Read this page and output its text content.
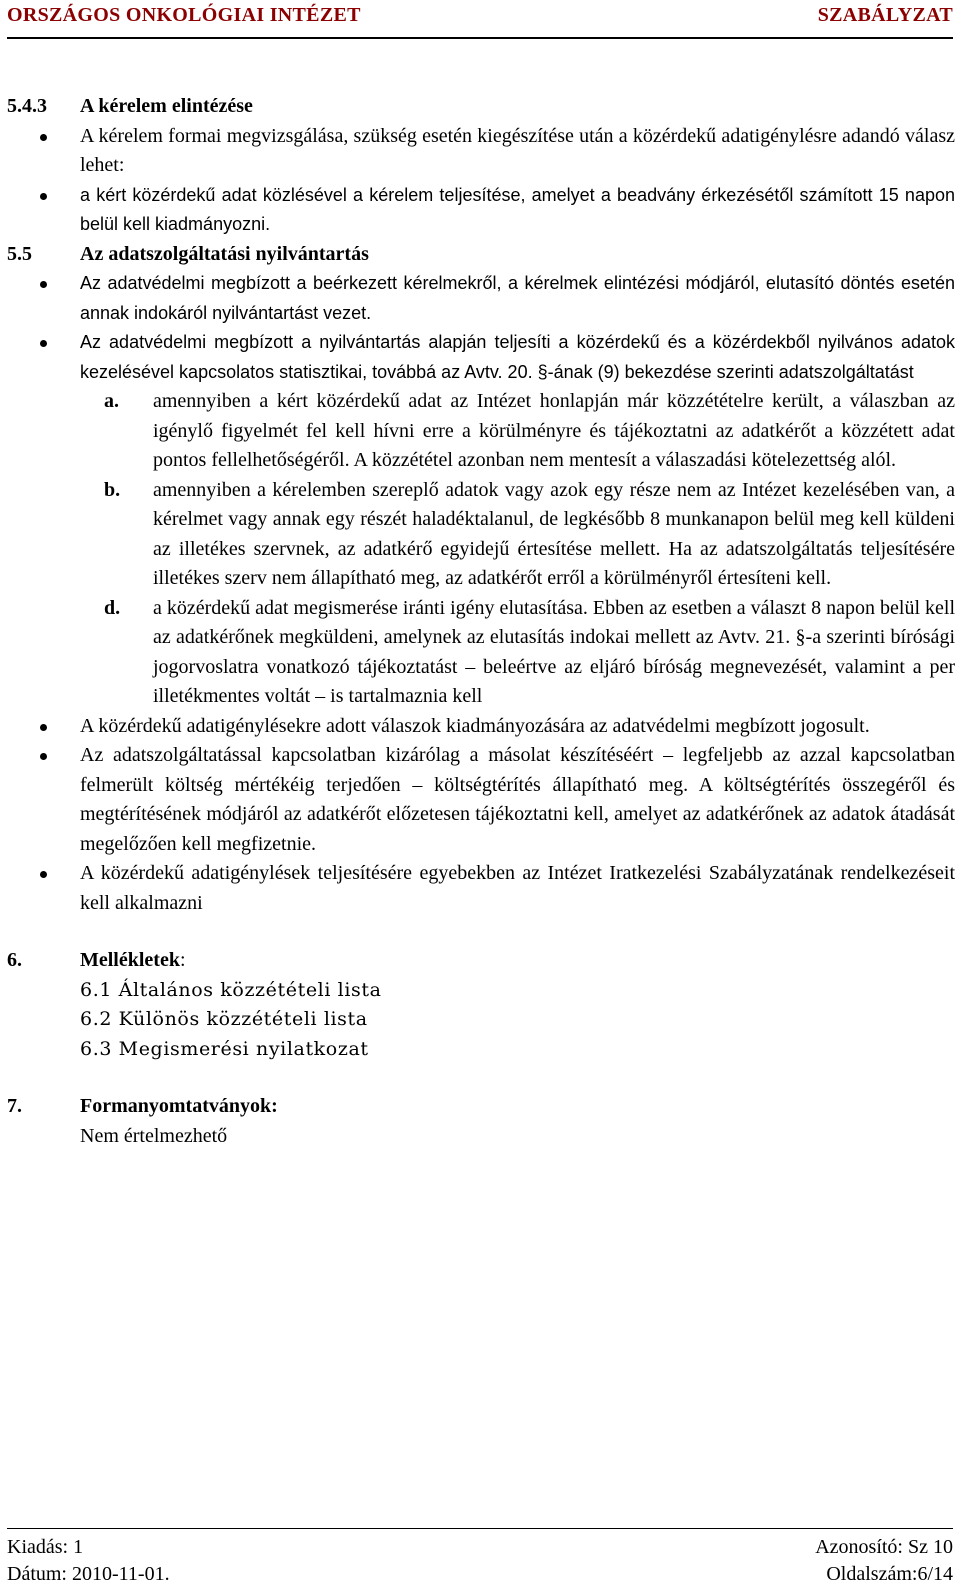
ORSZÁGOS ONKOLÓGIAI INTÉZET	SZABÁLYZAT
5.4.3 A kérelem elintézése
A kérelem formai megvizsgálása, szükség esetén kiegészítése után a közérdekű adatigénylésre adandó válasz lehet:
a kért közérdekű adat közlésével a kérelem teljesítése, amelyet a beadvány érkezésétől számított 15 napon belül kell kiadmányozni.
5.5 Az adatszolgáltatási nyilvántartás
Az adatvédelmi megbízott a beérkezett kérelmekről, a kérelmek elintézési módjáról, elutasító döntés esetén annak indokáról nyilvántartást vezet.
Az adatvédelmi megbízott a nyilvántartás alapján teljesíti a közérdekű és a közérdekből nyilvános adatok kezelésével kapcsolatos statisztikai, továbbá az Avtv. 20. §-ának (9) bekezdése szerinti adatszolgáltatást
a. amennyiben a kért közérdekű adat az Intézet honlapján már közzétételre került, a válaszban az igénylő figyelmét fel kell hívni erre a körülményre és tájékoztatni az adatkérőt a közzétett adat pontos fellelhetőségéről. A közzététel azonban nem mentesít a válaszadási kötelezettség alól.
b. amennyiben a kérelemben szereplő adatok vagy azok egy része nem az Intézet kezelésében van, a kérelmet vagy annak egy részét haladéktalanul, de legkésőbb 8 munkanapon belül meg kell küldeni az illetékes szervnek, az adatkérő egyidejű értesítése mellett. Ha az adatszolgáltatás teljesítésére illetékes szerv nem állapítható meg, az adatkérőt erről a körülményről értesíteni kell.
d. a közérdekű adat megismerése iránti igény elutasítása. Ebben az esetben a választ 8 napon belül kell az adatkérőnek megküldeni, amelynek az elutasítás indokai mellett az Avtv. 21. §-a szerinti bírósági jogorvoslatra vonatkozó tájékoztatást – beleértve az eljáró bíróság megnevezését, valamint a per illetékmentes voltát – is tartalmaznia kell
A közérdekű adatigénylésekre adott válaszok kiadmányozására az adatvédelmi megbízott jogosult.
Az adatszolgáltatással kapcsolatban kizárólag a másolat készítéséért – legfeljebb az azzal kapcsolatban felmerült költség mértékéig terjedően – költségtérítés állapítható meg. A költségtérítés összegéről és megtérítésének módjáról az adatkérőt előzetesen tájékoztatni kell, amelyet az adatkérőnek az adatok átadását megelőzően kell megfizetnie.
A közérdekű adatigénylések teljesítésére egyebekben az Intézet Iratkezelési Szabályzatának rendelkezéseit kell alkalmazni
6.	Mellékletek:
6.1 Általános közzétételi lista
6.2 Különös közzétételi lista
6.3 Megismerési nyilatkozat
7.	Formanyomtatványok:
Nem értelmezhető
Kiadás: 1	Azonosító: Sz 10
Dátum: 2010-11-01.	Oldalszám:6/14
